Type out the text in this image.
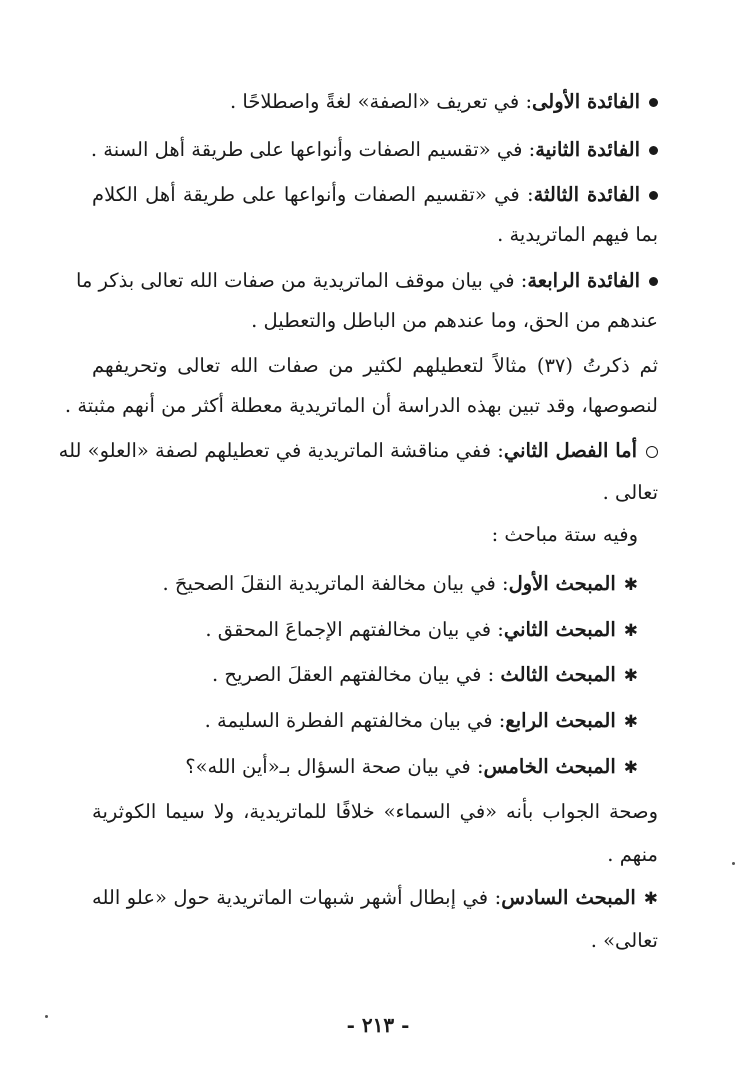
الفائدة الأولى: في تعريف «الصفة» لغةً واصطلاحًا .
الفائدة الثانية: في «تقسيم الصفات وأنواعها على طريقة أهل السنة .
الفائدة الثالثة: في «تقسيم الصفات وأنواعها على طريقة أهل الكلام
بما فيهم الماتريدية .
الفائدة الرابعة: في بيان موقف الماتريدية من صفات الله تعالى بذكر ما
عندهم من الحق، وما عندهم من الباطل والتعطيل .
ثم ذكرتُ (٣٧) مثالاً لتعطيلهم لكثير من صفات الله تعالى وتحريفهم
لنصوصها، وقد تبين بهذه الدراسة أن الماتريدية معطلة أكثر من أنهم مثبتة .
أما الفصل الثاني: ففي مناقشة الماتريدية في تعطيلهم لصفة «العلو» لله
تعالى .
وفيه ستة مباحث :
✱المبحث الأول: في بيان مخالفة الماتريدية النقلَ الصحيحَ .
✱المبحث الثاني: في بيان مخالفتهم الإجماعَ المحقق .
✱المبحث الثالث : في بيان مخالفتهم العقلَ الصريح .
✱المبحث الرابع: في بيان مخالفتهم الفطرة السليمة .
✱المبحث الخامس: في بيان صحة السؤال بـ«أين الله»؟
وصحة الجواب بأنه «في السماء» خلافًا للماتريدية، ولا سيما الكوثرية
منهم .
✱المبحث السادس: في إبطال أشهر شبهات الماتريدية حول «علو الله
تعالى» .
- ٢١٣ -
